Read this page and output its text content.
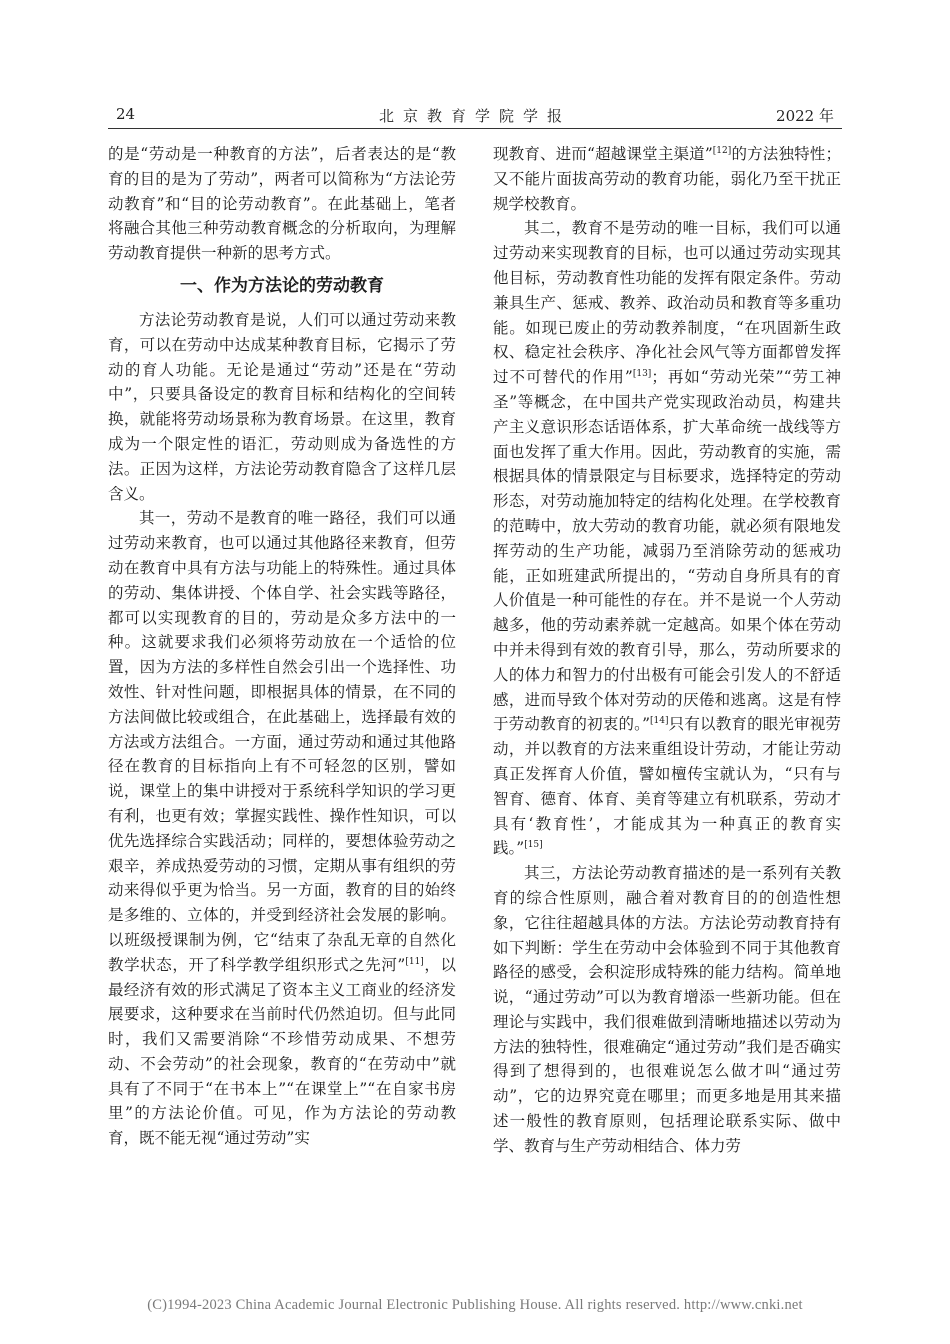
24	北京教育学院学报	2022 年

的是“劳动是一种教育的方法”，后者表达的是“教育的目的是为了劳动”，两者可以简称为“方法论劳动教育”和“目的论劳动教育”。在此基础上，笔者将融合其他三种劳动教育概念的分析取向，为理解劳动教育提供一种新的思考方式。

一、作为方法论的劳动教育

方法论劳动教育是说，人们可以通过劳动来教育，可以在劳动中达成某种教育目标，它揭示了劳动的育人功能。无论是通过“劳动”还是在“劳动中”，只要具备设定的教育目标和结构化的空间转换，就能将劳动场景称为教育场景。在这里，教育成为一个限定性的语汇，劳动则成为备选性的方法。正因为这样，方法论劳动教育隐含了这样几层含义。

其一，劳动不是教育的唯一路径，我们可以通过劳动来教育，也可以通过其他路径来教育，但劳动在教育中具有方法与功能上的特殊性。通过具体的劳动、集体讲授、个体自学、社会实践等路径，都可以实现教育的目的，劳动是众多方法中的一种。这就要求我们必须将劳动放在一个适恰的位置，因为方法的多样性自然会引出一个选择性、功效性、针对性问题，即根据具体的情景，在不同的方法间做比较或组合，在此基础上，选择最有效的方法或方法组合。一方面，通过劳动和通过其他路径在教育的目标指向上有不可轻忽的区别，譬如说，课堂上的集中讲授对于系统科学知识的学习更有利，也更有效；掌握实践性、操作性知识，可以优先选择综合实践活动；同样的，要想体验劳动之艰辛，养成热爱劳动的习惯，定期从事有组织的劳动来得似乎更为恰当。另一方面，教育的目的始终是多维的、立体的，并受到经济社会发展的影响。以班级授课制为例，它“结束了杂乱无章的自然化教学状态，开了科学教学组织形式之先河”[11]，以最经济有效的形式满足了资本主义工商业的经济发展要求，这种要求在当前时代仍然迫切。但与此同时，我们又需要消除“不珍惜劳动成果、不想劳动、不会劳动”的社会现象，教育的“在劳动中”就具有了不同于“在书本上”“在课堂上”“在自家书房里”的方法论价值。可见，作为方法论的劳动教育，既不能无视“通过劳动”实

现教育、进而“超越课堂主渠道”[12]的方法独特性；又不能片面拔高劳动的教育功能，弱化乃至干扰正规学校教育。

其二，教育不是劳动的唯一目标，我们可以通过劳动来实现教育的目标，也可以通过劳动实现其他目标，劳动教育性功能的发挥有限定条件。劳动兼具生产、惩戒、教养、政治动员和教育等多重功能。如现已废止的劳动教养制度，“在巩固新生政权、稳定社会秩序、净化社会风气等方面都曾发挥过不可替代的作用”[13]；再如“劳动光荣”“劳工神圣”等概念，在中国共产党实现政治动员，构建共产主义意识形态话语体系，扩大革命统一战线等方面也发挥了重大作用。因此，劳动教育的实施，需根据具体的情景限定与目标要求，选择特定的劳动形态，对劳动施加特定的结构化处理。在学校教育的范畴中，放大劳动的教育功能，就必须有限地发挥劳动的生产功能，减弱乃至消除劳动的惩戒功能，正如班建武所提出的，“劳动自身所具有的育人价值是一种可能性的存在。并不是说一个人劳动越多，他的劳动素养就一定越高。如果个体在劳动中并未得到有效的教育引导，那么，劳动所要求的人的体力和智力的付出极有可能会引发人的不舒适感，进而导致个体对劳动的厌倦和逃离。这是有悖于劳动教育的初衷的。”[14]只有以教育的眼光审视劳动，并以教育的方法来重组设计劳动，才能让劳动真正发挥育人价值，譬如檀传宝就认为，“只有与智育、德育、体育、美育等建立有机联系，劳动才具有‘教育性’，才能成其为一种真正的教育实践。”[15]

其三，方法论劳动教育描述的是一系列有关教育的综合性原则，融合着对教育目的的创造性想象，它往往超越具体的方法。方法论劳动教育持有如下判断：学生在劳动中会体验到不同于其他教育路径的感受，会积淀形成特殊的能力结构。简单地说，“通过劳动”可以为教育增添一些新功能。但在理论与实践中，我们很难做到清晰地描述以劳动为方法的独特性，很难确定“通过劳动”我们是否确实得到了想得到的，也很难说怎么做才叫“通过劳动”，它的边界究竟在哪里；而更多地是用其来描述一般性的教育原则，包括理论联系实际、做中学、教育与生产劳动相结合、体力劳

(C)1994-2023 China Academic Journal Electronic Publishing House. All rights reserved. http://www.cnki.net
